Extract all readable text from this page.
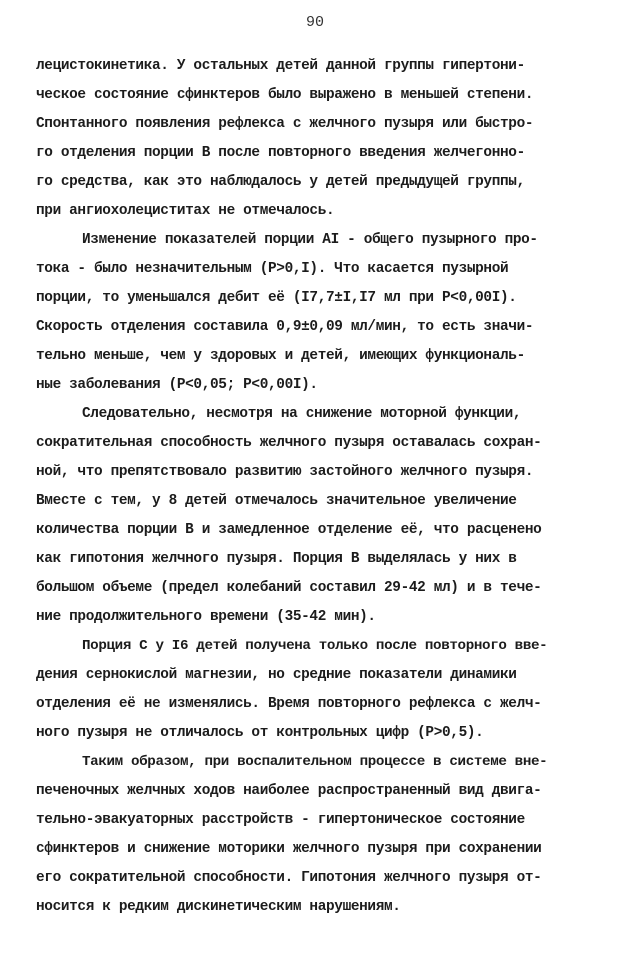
90
лецистокинетика. У остальных детей данной группы гипертони-
ческое состояние сфинктеров было выражено в меньшей степени.
Спонтанного появления рефлекса с желчного пузыря или быстро-
го отделения порции В после повторного введения желчегонно-
го средства, как это наблюдалось у детей предыдущей группы,
при ангиохолециститах не отмечалось.
Изменение показателей порции AI - общего пузырного про-
тока - было незначительным (P>0,I). Что касается пузырной
порции, то уменьшался дебит её (I7,7±I,I7 мл при P<0,00I).
Скорость отделения составила 0,9±0,09 мл/мин, то есть значи-
тельно меньше, чем у здоровых и детей, имеющих функциональ-
ные заболевания (P<0,05; P<0,00I).
Следовательно, несмотря на снижение моторной функции,
сократительная способность желчного пузыря оставалась сохран-
ной, что препятствовало развитию застойного желчного пузыря.
Вместе с тем, у 8 детей отмечалось значительное увеличение
количества порции В и замедленное отделение её, что расценено
как гипотония желчного пузыря. Порция В выделялась у них в
большом объеме (предел колебаний составил 29-42 мл) и в тече-
ние продолжительного времени (35-42 мин).
Порция С у I6 детей получена только после повторного вве-
дения сернокислой магнезии, но средние показатели динамики
отделения её не изменялись. Время повторного рефлекса с желч-
ного пузыря не отличалось от контрольных цифр (P>0,5).
Таким образом, при воспалительном процессе в системе вне-
печеночных желчных ходов наиболее распространенный вид двига-
тельно-эвакуаторных расстройств - гипертоническое состояние
сфинктеров и снижение моторики желчного пузыря при сохранении
его сократительной способности. Гипотония желчного пузыря от-
носится к редким дискинетическим нарушениям.
